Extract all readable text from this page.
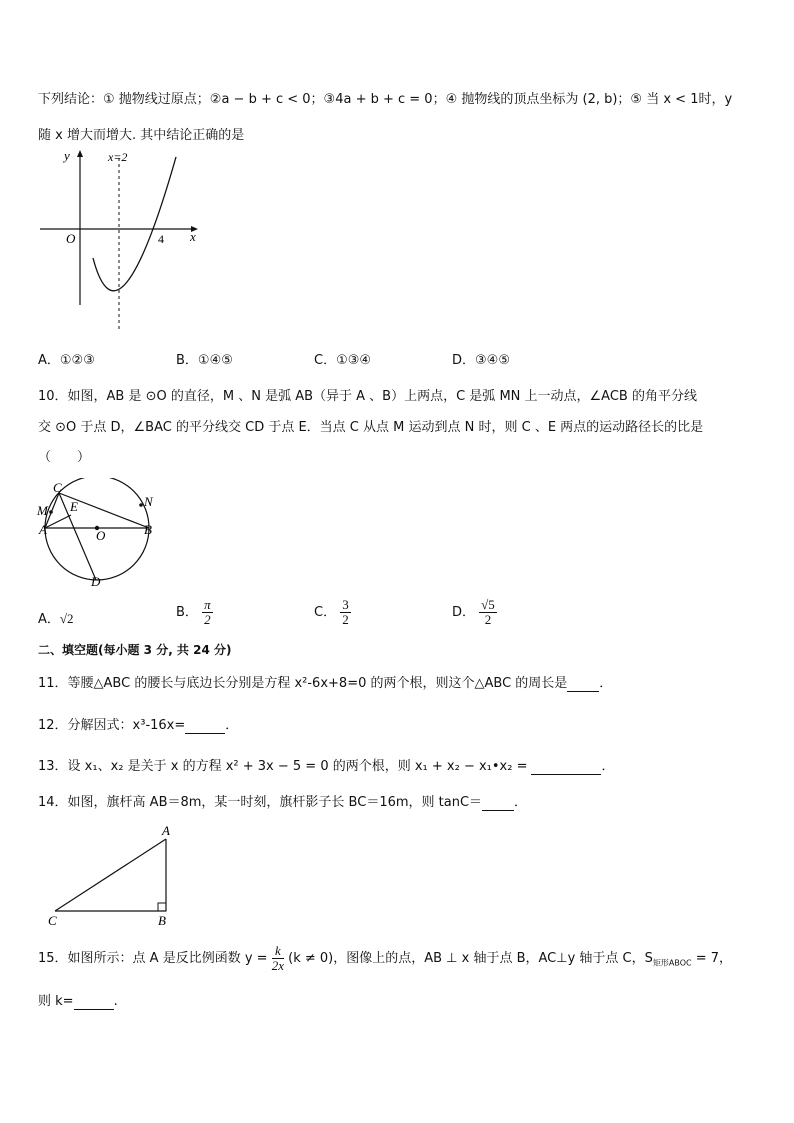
下列结论：① 抛物线过原点；②a − b + c < 0；③4a + b + c = 0；④ 抛物线的顶点坐标为 (2, b)；⑤ 当 x < 1时，y
随 x 增大而增大. 其中结论正确的是
y	x=2
O	4 x
A．①②③	B．①④⑤	C．①③④	D．③④⑤
10．如图，AB 是 ⊙O 的直径，M 、N 是弧 AB（异于 A 、B）上两点，C 是弧 MN 上一动点，∠ACB 的角平分线
交 ⊙O 于点 D，∠BAC 的平分线交 CD 于点 E．当点 C 从点 M 运动到点 N 时，则 C 、E 两点的运动路径长的比是
（　　）
C
M E	N
A	O	B
D
A．√2	B． $\frac{\pi}{2}$	C． $\frac{3}{2}$	D． $\frac{√5}{2}$
二、填空题(每小题 3 分, 共 24 分)
11．等腰△ABC 的腰长与底边长分别是方程 x²-6x+8=0 的两个根，则这个△ABC 的周长是 ．
12．分解因式：x³-16x=	．
13．设 x₁、x₂ 是关于 x 的方程 x² + 3x − 5 = 0 的两个根，则 x₁ + x₂ − x₁•x₂ =	．
14．如图，旗杆高 AB＝8m，某一时刻，旗杆影子长 BC＝16m，则 tanC＝ ．
A
C	B
15．如图所示：点 A 是反比例函数 $y = \frac{k}{2x} (k \ne 0)$，图像上的点，AB ⊥ x 轴于点 B，AC⊥y 轴于点 C，$S_{矩形ABOC} = 7$，
则 k=	.
